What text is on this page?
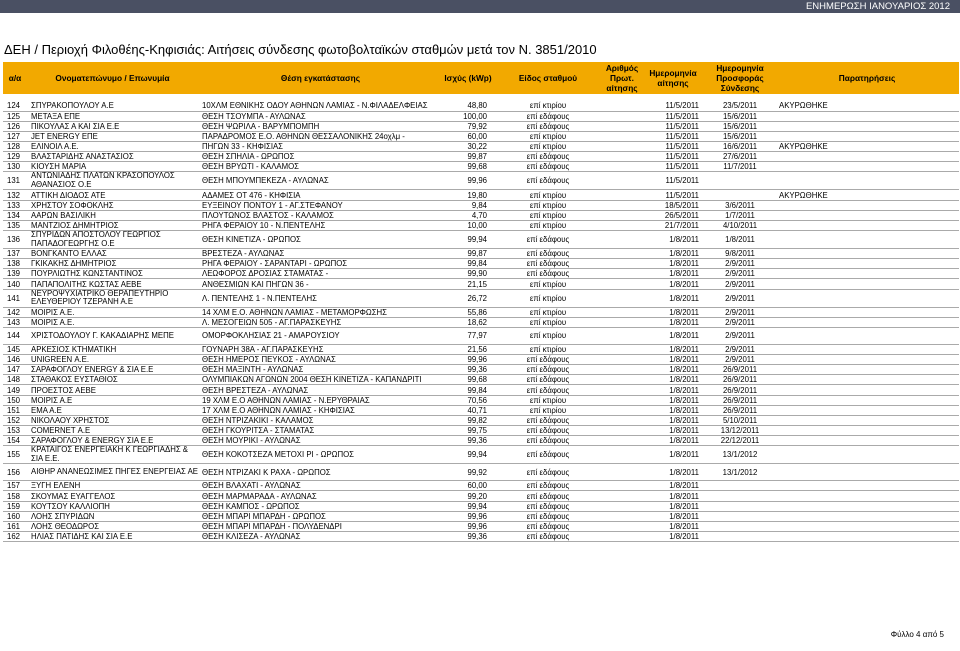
ΕΝΗΜΕΡΩΣΗ ΙΑΝΟΥΑΡΙΟΣ 2012
ΔΕΗ / Περιοχή Φιλοθέης-Κηφισιάς: Αιτήσεις σύνδεσης φωτοβολταϊκών σταθμών μετά τον Ν. 3851/2010
α/α	Ονοματεπώνυμο / Επωνυμία	Θέση εγκατάστασης	Ισχύς (kWp)	Είδος σταθμού	Αριθμός Πρωτ. αίτησης	Ημερομηνία αίτησης	Ημερομηνία Προσφοράς Σύνδεσης	Παρατηρήσεις

124	ΣΠΥΡΑΚΟΠΟΥΛΟΥ Α.Ε	10ΧΛΜ ΕΘΝΙΚΗΣ ΟΔΟΥ ΑΘΗΝΩΝ ΛΑΜΙΑΣ - Ν.ΦΙΛΑΔΕΛΦΕΙΑΣ	48,80	επί κτιρίου		11/5/2011	23/5/2011	ΑΚΥΡΩΘΗΚΕ
125	ΜΕΤΑΞΑ ΕΠΕ	ΘΕΣΗ ΤΣΟΥΜΠΑ - ΑΥΛΩΝΑΣ	100,00	επί εδάφους		11/5/2011	15/6/2011	
126	ΠΙΚΟΥΛΑΣ Α ΚΑΙ ΣΙΑ Ε.Ε	ΘΕΣΗ ΨΩΡΙΛΑ - ΒΑΡΥΜΠΟΜΠΗ	79,92	επί εδάφους		11/5/2011	15/6/2011	
127	JET ENERGY ΕΠΕ	ΠΑΡΑΔΡΟΜΟΣ Ε.Ο. ΑΘΗΝΩΝ ΘΕΣΣΑΛΟΝΙΚΗΣ 24οχλμ -	60,00	επί κτιρίου		11/5/2011	15/6/2011	
128	ΕΛΙΝΟΙΛ Α.Ε.	ΠΗΓΩΝ 33 - ΚΗΦΙΣΙΑΣ	30,22	επί κτιρίου		11/5/2011	16/6/2011	ΑΚΥΡΩΘΗΚΕ
129	ΒΛΑΣΤΑΡΙΔΗΣ ΑΝΑΣΤΑΣΙΟΣ	ΘΕΣΗ ΣΠΗΛΙΑ - ΩΡΩΠΟΣ	99,87	επί εδάφους		11/5/2011	27/6/2011	
130	ΚΙΟΥΣΗ ΜΑΡΙΑ	ΘΕΣΗ ΒΡΥΩΤΙ - ΚΑΛΑΜΟΣ	99,68	επί εδάφους		11/5/2011	11/7/2011	
131	ΑΝΤΩΝΙΑΔΗΣ ΠΛΑΤΩΝ ΚΡΑΣΟΠΟΥΛΟΣ ΑΘΑΝΑΣΙΟΣ Ο.Ε	ΘΕΣΗ ΜΠΟΥΜΠΕΚΕΖΑ - ΑΥΛΩΝΑΣ	99,96	επί εδάφους		11/5/2011		
132	ΑΤΤΙΚΗ ΔΙΟΔΟΣ ΑΤΕ	ΑΔΑΜΕΣ ΟΤ 476 - ΚΗΦΙΣΙΑ	19,80	επί κτιρίου		11/5/2011		ΑΚΥΡΩΘΗΚΕ
133	ΧΡΗΣΤΟΥ ΣΟΦΟΚΛΗΣ	ΕΥΞΕΙΝΟΥ ΠΟΝΤΟΥ 1 - ΑΓ.ΣΤΕΦΑΝΟΥ	9,84	επί κτιρίου		18/5/2011	3/6/2011	
134	ΑΑΡΩΝ ΒΑΣΙΛΙΚΗ	ΠΛΟΥΤΩΝΟΣ ΒΛΑΣΤΟΣ - ΚΑΛΑΜΟΣ	4,70	επί κτιρίου		26/5/2011	1/7/2011	
135	ΜΑΝΤΖΙΟΣ ΔΗΜΗΤΡΙΟΣ	ΡΗΓΑ ΦΕΡΑΙΟΥ 10 - Ν.ΠΕΝΤΕΛΗΣ	10,00	επί κτιρίου		21/7/2011	4/10/2011	
136	ΣΠΥΡΙΔΩΝ ΑΠΟΣΤΟΛΟΥ ΓΕΩΡΓΙΟΣ ΠΑΠΑΔΟΓΕΩΡΓΗΣ Ο.Ε	ΘΕΣΗ ΚΙΝΕΤΙΖΑ - ΩΡΩΠΟΣ	99,94	επί εδάφους		1/8/2011	1/8/2011	
137	ΒΟΝΓΚΑΝΤΟ ΕΛΛΑΣ	ΒΡΕΣΤΕΖΑ - ΑΥΛΩΝΑΣ	99,87	επί εδάφους		1/8/2011	9/8/2011	
138	ΓΚΙΚΑΚΗΣ ΔΗΜΗΤΡΙΟΣ	ΡΗΓΑ ΦΕΡΑΙΟΥ - ΣΑΡΑΝΤΑΡΙ - ΩΡΩΠΟΣ	99,84	επί εδάφους		1/8/2011	2/9/2011	
139	ΠΟΥΡΛΙΩΤΗΣ ΚΩΝΣΤΑΝΤΙΝΟΣ	ΛΕΩΦΟΡΟΣ ΔΡΟΣΙΑΣ ΣΤΑΜΑΤΑΣ -	99,90	επί εδάφους		1/8/2011	2/9/2011	
140	ΠΑΠΑΠΟΛΙΤΗΣ ΚΩΣΤΑΣ ΑΕΒΕ	ΑΝΘΕΣΜΙΩΝ ΚΑΙ ΠΗΓΩΝ 36 -	21,15	επί κτιρίου		1/8/2011	2/9/2011	
141	ΝΕΥΡΟΨΥΧΙΑΤΡΙΚΟ ΘΕΡΑΠΕΥΤΗΡΙΟ ΕΛΕΥΘΕΡΙΟΥ ΤΖΕΡΑΝΗ Α.Ε	Λ. ΠΕΝΤΕΛΗΣ 1 - Ν.ΠΕΝΤΕΛΗΣ	26,72	επί κτιρίου		1/8/2011	2/9/2011	
142	ΜΟΙΡΙΣ Α.Ε.	14 ΧΛΜ Ε.Ο. ΑΘΗΝΩΝ ΛΑΜΙΑΣ - ΜΕΤΑΜΟΡΦΩΣΗΣ	55,86	επί κτιρίου		1/8/2011	2/9/2011	
143	ΜΟΙΡΙΣ Α.Ε.	Λ. ΜΕΣΟΓΕΙΩΝ 505 - ΑΓ.ΠΑΡΑΣΚΕΥΗΣ	18,62	επί κτιρίου		1/8/2011	2/9/2011	
144	ΧΡΙΣΤΟΔΟΥΛΟΥ Γ. ΚΑΚΑΔΙΑΡΗΣ ΜΕΠΕ	ΟΜΟΡΦΟΚΛΗΣΙΑΣ 21 - ΑΜΑΡΟΥΣΙΟΥ	77,97	επί κτιρίου		1/8/2011	2/9/2011	
145	ΑΡΚΕΣΙΟΣ ΚΤΗΜΑΤΙΚΗ	ΓΟΥΝΑΡΗ 38Α - ΑΓ.ΠΑΡΑΣΚΕΥΗΣ	21,56	επί κτιρίου		1/8/2011	2/9/2011	
146	UNIGREEN Α.Ε.	ΘΕΣΗ ΗΜΕΡΟΣ ΠΕΥΚΟΣ - ΑΥΛΩΝΑΣ	99,96	επί εδάφους		1/8/2011	2/9/2011	
147	ΣΑΡΑΦΟΓΛΟΥ ENERGY & ΣΙΑ Ε.Ε	ΘΕΣΗ ΜΑΞΙΝΤΗ - ΑΥΛΩΝΑΣ	99,36	επί εδάφους		1/8/2011	26/9/2011	
148	ΣΤΑΘΑΚΟΣ ΕΥΣΤΑΘΙΟΣ	ΟΛΥΜΠΙΑΚΩΝ ΑΓΩΝΩΝ 2004 ΘΕΣΗ ΚΙΝΕΤΙΖΑ - ΚΑΠΑΝΔΡΙΤΙ	99,68	επί εδάφους		1/8/2011	26/9/2011	
149	ΠΡΟΕΣΤΟΣ ΑΕΒΕ	ΘΕΣΗ ΒΡΕΣΤΕΖΑ - ΑΥΛΩΝΑΣ	99,84	επί εδάφους		1/8/2011	26/9/2011	
150	ΜΟΙΡΙΣ Α.Ε	19 ΧΛΜ Ε.Ο ΑΘΗΝΩΝ ΛΑΜΙΑΣ - Ν.ΕΡΥΘΡΑΙΑΣ	70,56	επί κτιρίου		1/8/2011	26/9/2011	
151	ΕΜΑ Α.Ε	17 ΧΛΜ Ε.Ο ΑΘΗΝΩΝ ΛΑΜΙΑΣ - ΚΗΦΙΣΙΑΣ	40,71	επί κτιρίου		1/8/2011	26/9/2011	
152	ΝΙΚΟΛΑΟΥ ΧΡΗΣΤΟΣ	ΘΕΣΗ ΝΤΡΙΖΑΚΙΚΙ - ΚΑΛΑΜΟΣ	99,82	επί εδάφους		1/8/2011	5/10/2011	
153	COMERNET Α.Ε	ΘΕΣΗ ΓΚΟΥΡΙΤΣΑ - ΣΤΑΜΑΤΑΣ	99,75	επί εδάφους		1/8/2011	13/12/2011	
154	ΣΑΡΑΦΟΓΛΟΥ & ENERGY ΣΙΑ Ε.Ε	ΘΕΣΗ ΜΟΥΡΙΚΙ - ΑΥΛΩΝΑΣ	99,36	επί εδάφους		1/8/2011	22/12/2011	
155	ΚΡΑΤΑΙΓΟΣ ΕΝΕΡΓΕΙΑΚΗ Κ ΓΕΩΡΓΙΑΔΗΣ & ΣΙΑ Ε.Ε.	ΘΕΣΗ ΚΟΚΟΤΣΕΖΑ ΜΕΤΟΧΙ ΡΙ - ΩΡΩΠΟΣ	99,94	επί εδάφους		1/8/2011	13/1/2012	
156	ΑΙΘΗΡ ΑΝΑΝΕΩΣΙΜΕΣ ΠΗΓΕΣ ΕΝΕΡΓΕΙΑΣ ΑΕ	ΘΕΣΗ ΝΤΡΙΖΑΚΙ Κ ΡΑΧΑ - ΩΡΩΠΟΣ	99,92	επί εδάφους		1/8/2011	13/1/2012	
157	ΞΥΓΗ ΕΛΕΝΗ	ΘΕΣΗ ΒΛΑΧΑΤΙ - ΑΥΛΩΝΑΣ	60,00	επί εδάφους		1/8/2011		
158	ΣΚΟΥΜΑΣ ΕΥΑΓΓΕΛΟΣ	ΘΕΣΗ ΜΑΡΜΑΡΑΔΑ - ΑΥΛΩΝΑΣ	99,20	επί εδάφους		1/8/2011		
159	ΚΟΥΤΣΟΥ ΚΑΛΛΙΟΠΗ	ΘΕΣΗ ΚΑΜΠΟΣ - ΩΡΩΠΟΣ	99,94	επί εδάφους		1/8/2011		
160	ΛΟΗΣ ΣΠΥΡΙΔΩΝ	ΘΕΣΗ ΜΠΑΡΙ ΜΠΑΡΔΗ - ΩΡΩΠΟΣ	99,96	επί εδάφους		1/8/2011		
161	ΛΟΗΣ ΘΕΟΔΩΡΟΣ	ΘΕΣΗ ΜΠΑΡΙ ΜΠΑΡΔΗ - ΠΟΛΥΔΕΝΔΡΙ	99,96	επί εδάφους		1/8/2011		
162	ΗΛΙΑΣ ΠΑΤΙΔΗΣ ΚΑΙ ΣΙΑ Ε.Ε	ΘΕΣΗ ΚΛΙΣΕΖΑ - ΑΥΛΩΝΑΣ	99,36	επί εδάφους		1/8/2011		
Φύλλο 4 από 5
